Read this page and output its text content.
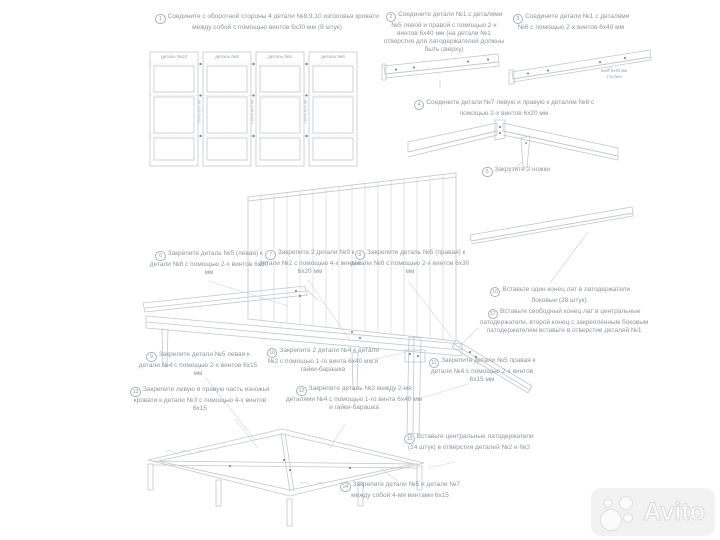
3 винта 6х30 мм	3 винта 6х30 мм	3 винта 6х30 мм
деталь №10	деталь №9	деталь №9	деталь №8
винт 6х40 мм
2 штуки
1 Соедините с оборотной стороны 4 детали №8,9,10 изголовья кровати между собой с помощью винтов 6х30 мм (9 штук)
2 Соедините детали №1 с деталями №5 левой и правой с помощью 2-х винтов 6х40 мм (на детали №1 отверстия для латодержателей должны быть сверху)
3 Соедините детали №1 с деталями №6 с помощью 2-х винтов 6х40 мм
4 Соедините детали №7 левую и правую к деталям №6 с помощью 2-х винтов 6х20 мм
5 Закрутите 2 ножки
6 Закрепите деталь №5 (левая) к детали №8 с помощью 2-х винтов 6х30 мм
7 Закрепите 2 детали №9 к детали №2 с помощью 4-х винтов 6х20 мм
8 Закрепите деталь №5 (правая) к детали №8 с помощью 2-х винтов 6х30 мм
16 Вставьте один конец лат в латодержатели боковые (28 штук).
17 Вставьте свободный конец лат в центральные латодержатели, второй конец с закреплённым боковым латодержателем вставьте в отверстие деталей №1
9 Закрепите детали №5 левая к детали №4 с помощью 2-х винтов 6х15 мм
10 Закрепите 2 детали №4 к детали №2 с помощью 1-го винта 6х40 мм и гайки-барашка
11 Закрепите детали №5 правая к детали №4 с помощью 2-х винтов 6х15 мм
12 Закрепите деталь №3 между 2-мя деталями №4 с помощью 1-го винта 6х40 мм и гайки-барашка
13 Закрепите левую и правую часть изножья кровати к детали №3 с помощью 4-х винтов 6х15
15 Вставьте центральные латодержатели (14 штук) в отверстия деталей №2 и №3
14 Закрепите детали №5 и детали №7 между собой 4-мя винтами 6х15
Avito
